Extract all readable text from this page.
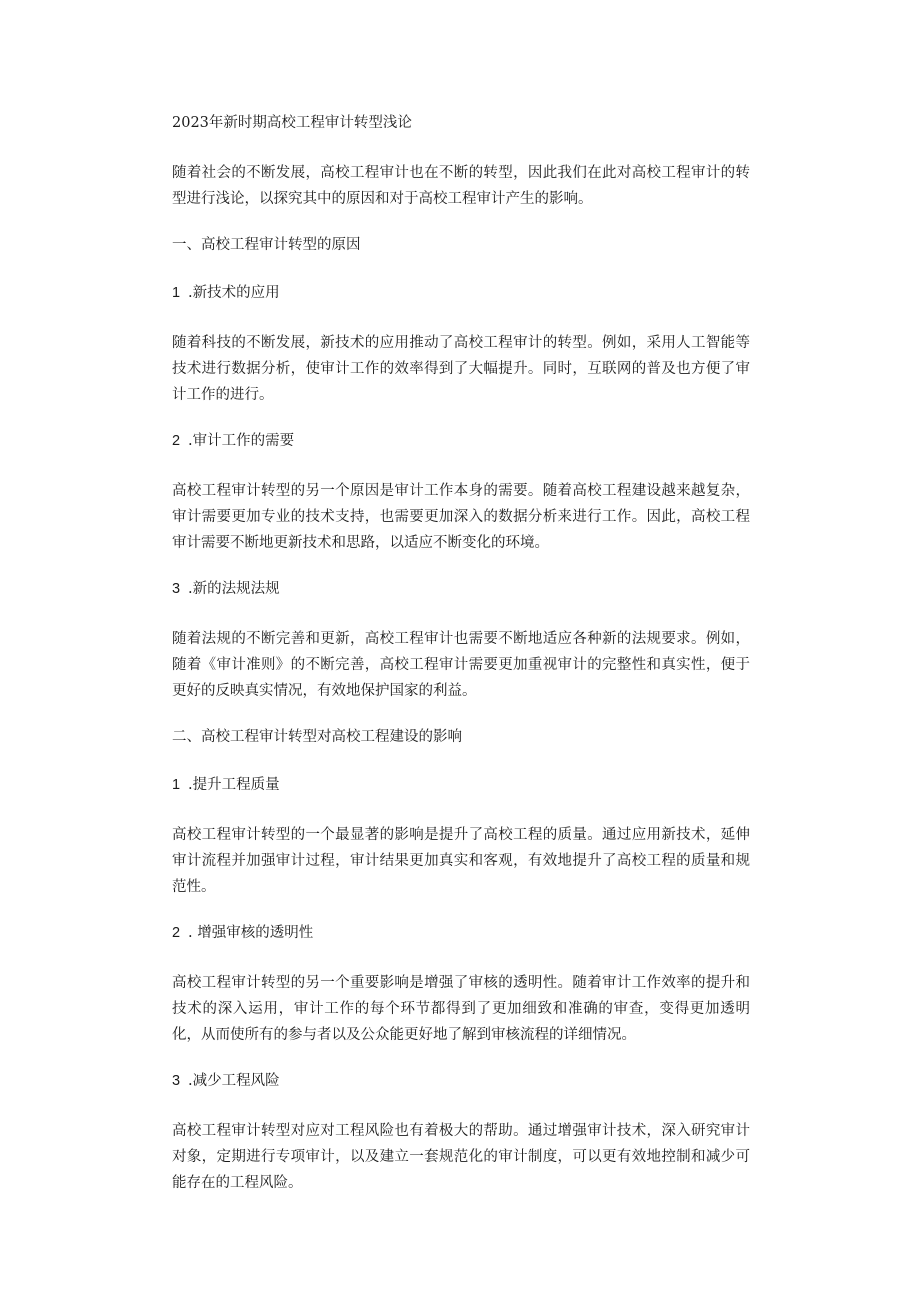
2023年新时期高校工程审计转型浅论
随着社会的不断发展，高校工程审计也在不断的转型，因此我们在此对高校工程审计的转型进行浅论，以探究其中的原因和对于高校工程审计产生的影响。
一、高校工程审计转型的原因
1 .新技术的应用
随着科技的不断发展，新技术的应用推动了高校工程审计的转型。例如，采用人工智能等技术进行数据分析，使审计工作的效率得到了大幅提升。同时，互联网的普及也方便了审计工作的进行。
2 .审计工作的需要
高校工程审计转型的另一个原因是审计工作本身的需要。随着高校工程建设越来越复杂，审计需要更加专业的技术支持，也需要更加深入的数据分析来进行工作。因此，高校工程审计需要不断地更新技术和思路，以适应不断变化的环境。
3 .新的法规法规
随着法规的不断完善和更新，高校工程审计也需要不断地适应各种新的法规要求。例如，随着《审计准则》的不断完善，高校工程审计需要更加重视审计的完整性和真实性，便于更好的反映真实情况，有效地保护国家的利益。
二、高校工程审计转型对高校工程建设的影响
1 .提升工程质量
高校工程审计转型的一个最显著的影响是提升了高校工程的质量。通过应用新技术，延伸审计流程并加强审计过程，审计结果更加真实和客观，有效地提升了高校工程的质量和规范性。
2 . 增强审核的透明性
高校工程审计转型的另一个重要影响是增强了审核的透明性。随着审计工作效率的提升和技术的深入运用，审计工作的每个环节都得到了更加细致和准确的审查，变得更加透明化，从而使所有的参与者以及公众能更好地了解到审核流程的详细情况。
3 .减少工程风险
高校工程审计转型对应对工程风险也有着极大的帮助。通过增强审计技术，深入研究审计对象，定期进行专项审计，以及建立一套规范化的审计制度，可以更有效地控制和减少可能存在的工程风险。
